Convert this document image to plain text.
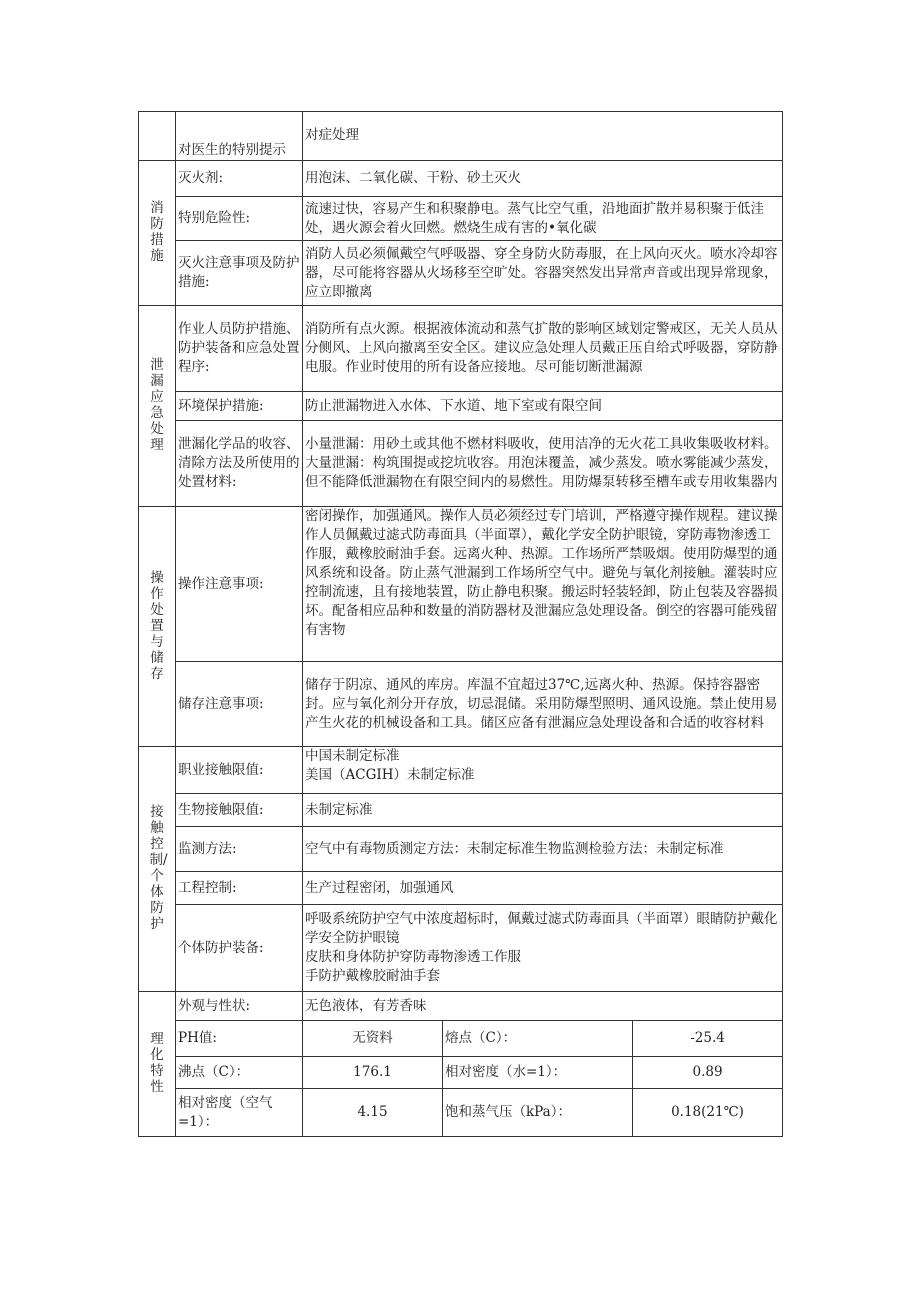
	对医生的特别提示	对症处理		
消防措施	灭火剂:	用泡沫、二氧化碳、干粉、砂土灭火		
	特别危险性:	流速过快，容易产生和积聚静电。蒸气比空气重，沿地面扩散并易积聚于低洼处，遇火源会着火回燃。燃烧生成有害的•氧化碳		
	灭火注意事项及防护措施:	消防人员必须佩戴空气呼吸器、穿全身防火防毒服，在上风向灭火。喷水冷却容器，尽可能将容器从火场移至空旷处。容器突然发出异常声音或出现异常现象，应立即撤离		
泄漏应急处理	作业人员防护措施、防护装备和应急处置程序:	消防所有点火源。根据液体流动和蒸气扩散的影响区域划定警戒区，无关人员从分侧风、上风向撤离至安全区。建议应急处理人员戴正压自给式呼吸器，穿防静电服。作业时使用的所有设备应接地。尽可能切断泄漏源		
	环境保护措施:	防止泄漏物进入水体、下水道、地下室或有限空间		
	泄漏化学品的收容、清除方法及所使用的处置材料:	小量泄漏：用砂土或其他不燃材料吸收，使用洁净的无火花工具收集吸收材料。大量泄漏：构筑围提或挖坑收容。用泡沫覆盖，减少蒸发。喷水雾能减少蒸发，但不能降低泄漏物在有限空间内的易燃性。用防爆泵转移至槽车或专用收集器内		
操作处置与储存	操作注意事项:	密闭操作，加强通风。操作人员必须经过专门培训，严格遵守操作规程。建议操作人员佩戴过滤式防毒面具（半面罩），戴化学安全防护眼镜，穿防毒物渗透工作服，戴橡胶耐油手套。远离火种、热源。工作场所严禁吸烟。使用防爆型的通风系统和设备。防止蒸气泄漏到工作场所空气中。避免与氧化剂接触。灌装时应控制流速，且有接地装置，防止静电积聚。搬运时轻装轻卸，防止包装及容器损坏。配备相应品种和数量的消防器材及泄漏应急处理设备。倒空的容器可能残留有害物		
	储存注意事项:	储存于阴凉、通风的库房。库温不宜超过37℃,远离火种、热源。保持容器密封。应与氧化剂分开存放，切忌混储。采用防爆型照明、通风设施。禁止使用易产生火花的机械设备和工具。储区应备有泄漏应急处理设备和合适的收容材料		
接触控制/个体防护	职业接触限值:	中国未制定标准
美国（ACGIH）未制定标准		

	生物接触限值:	未制定标准		
	监测方法:	空气中有毒物质测定方法：未制定标准生物监测检验方法：未制定标准		
	工程控制:	生产过程密闭，加强通风		
	个体防护装备:	呼吸系统防护空气中浓度超标时，佩戴过滤式防毒面具（半面罩）眼睛防护戴化学安全防护眼镜
皮肤和身体防护穿防毒物渗透工作服
手防护戴橡胶耐油手套		

理化特性	外观与性状:	无色液体，有芳香味		
	PH值:	无资料	熔点（C）：	-25.4
	沸点（C）：	176.1	相对密度（水=1）：	0.89
	相对密度（空气=1）：	4.15	饱和蒸气压（kPa）：	0.18(21℃)
